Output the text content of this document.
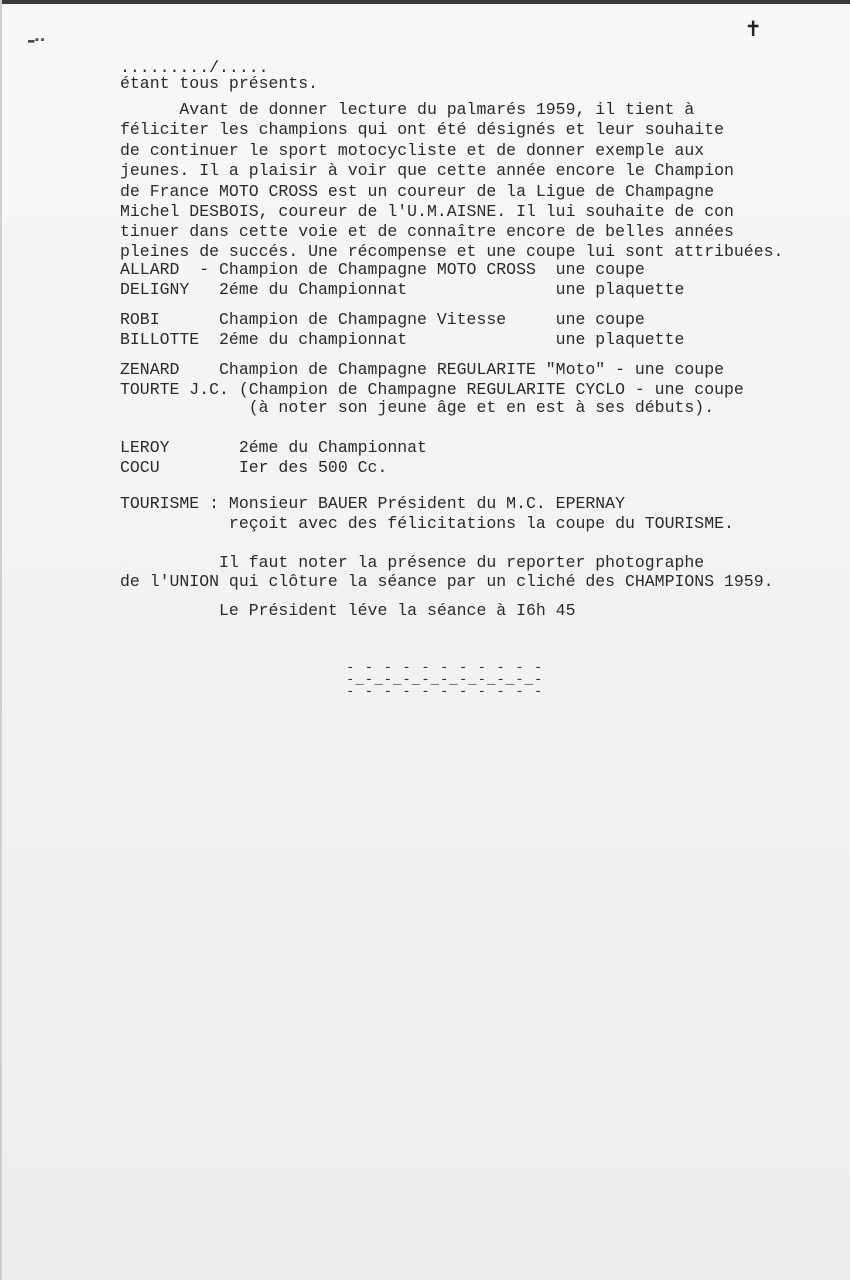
▬▪▪	✝
........./.....
étant tous présents.
Avant de donner lecture du palmarés 1959, il tient à
féliciter les champions qui ont été désignés et leur souhaite
de continuer le sport motocycliste et de donner exemple aux
jeunes. Il a plaisir à voir que cette année encore le Champion
de France MOTO CROSS est un coureur de la Ligue de Champagne
Michel DESBOIS, coureur de l'U.M.AISNE. Il lui souhaite de con
tinuer dans cette voie et de connaître encore de belles années
pleines de succés. Une récompense et une coupe lui sont attribuées.
ALLARD  - Champion de Champagne MOTO CROSS  une coupe
DELIGNY   2éme du Championnat               une plaquette
ROBI      Champion de Champagne Vitesse     une coupe
BILLOTTE  2éme du championnat               une plaquette
ZENARD    Champion de Champagne REGULARITE "Moto" - une coupe
TOURTE J.C. (Champion de Champagne REGULARITE CYCLO - une coupe
(à noter son jeune âge et en est à ses débuts).
LEROY       2éme du Championnat
COCU        Ier des 500 Cc.
TOURISME : Monsieur BAUER Président du M.C. EPERNAY
reçoit avec des félicitations la coupe du TOURISME.
Il faut noter la présence du reporter photographe
de l'UNION qui clôture la séance par un cliché des CHAMPIONS 1959.
Le Président léve la séance à I6h 45
- - - - - - - - - - -
-_-_-_-_-_-_-_-_-_-_-
- - - - - - - - - - -
